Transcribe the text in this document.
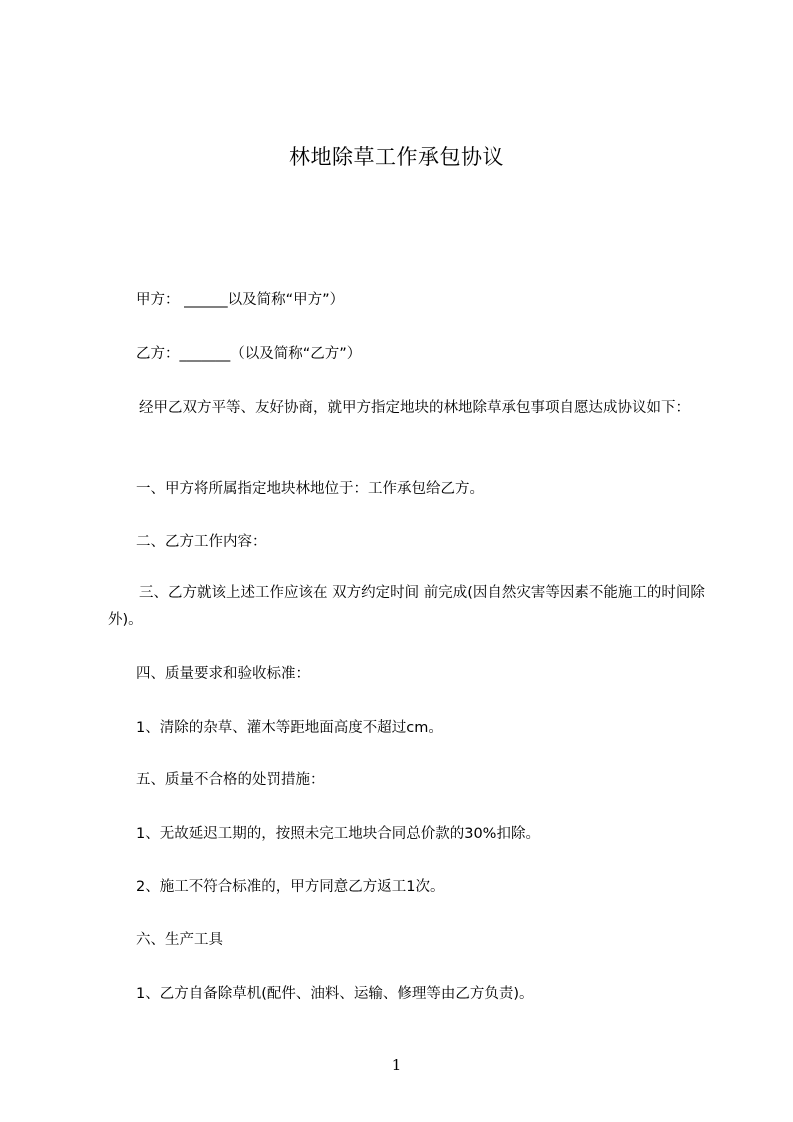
林地除草工作承包协议
甲方： ______以及简称“甲方”）
乙方：_______（以及简称“乙方”）
经甲乙双方平等、友好协商，就甲方指定地块的林地除草承包事项自愿达成协议如下：
一、甲方将所属指定地块林地位于：工作承包给乙方。
二、乙方工作内容：
三、乙方就该上述工作应该在 双方约定时间 前完成(因自然灾害等因素不能施工的时间除外)。
四、质量要求和验收标准：
1、清除的杂草、灌木等距地面高度不超过cm。
五、质量不合格的处罚措施：
1、无故延迟工期的，按照未完工地块合同总价款的30%扣除。
2、施工不符合标准的，甲方同意乙方返工1次。
六、生产工具
1、乙方自备除草机(配件、油料、运输、修理等由乙方负责)。
1
